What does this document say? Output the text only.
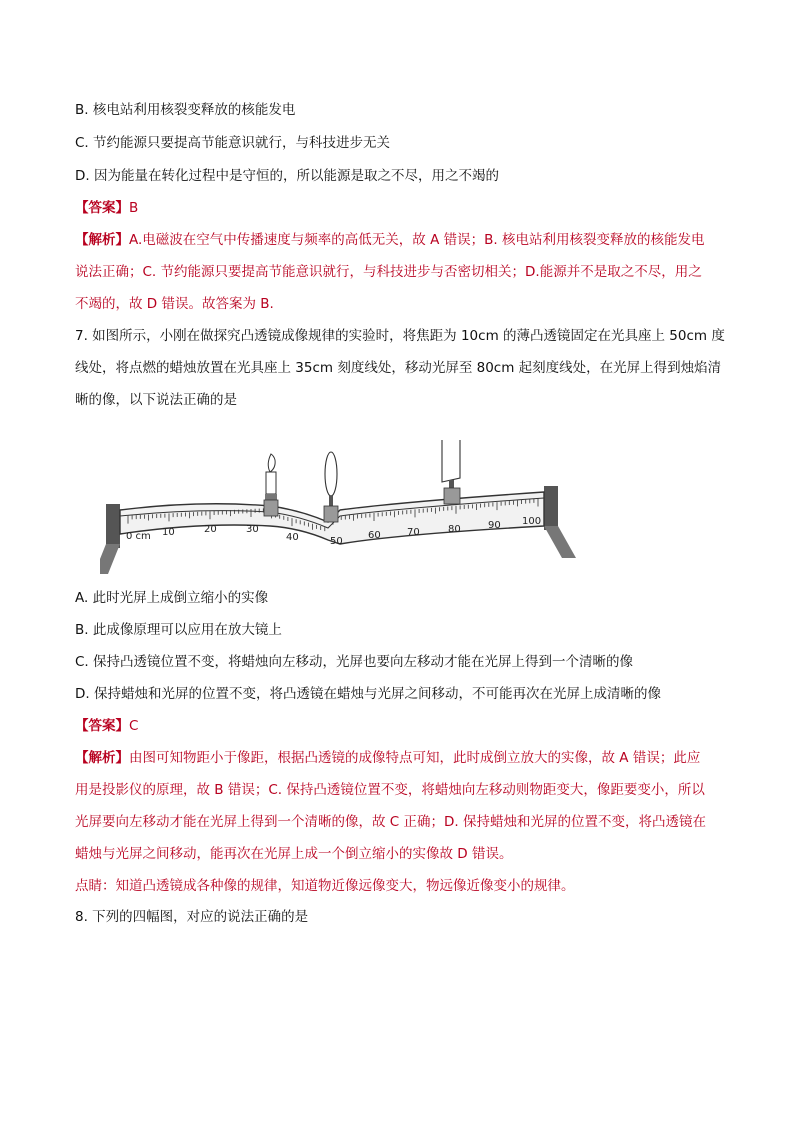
B. 核电站利用核裂变释放的核能发电
C. 节约能源只要提高节能意识就行，与科技进步无关
D. 因为能量在转化过程中是守恒的，所以能源是取之不尽，用之不竭的
【答案】B
【解析】A.电磁波在空气中传播速度与频率的高低无关，故 A 错误；B. 核电站利用核裂变释放的核能发电
说法正确；C. 节约能源只要提高节能意识就行，与科技进步与否密切相关；D.能源并不是取之不尽，用之
不竭的，故 D 错误。故答案为 B.
7. 如图所示，小刚在做探究凸透镜成像规律的实验时，将焦距为 10cm 的薄凸透镜固定在光具座上 50cm 度
线处，将点燃的蜡烛放置在光具座上 35cm 刻度线处，移动光屏至 80cm 起刻度线处，在光屏上得到烛焰清
晰的像，以下说法正确的是
0 cm 10	20	30
40	50
60	70	80	90 100
A. 此时光屏上成倒立缩小的实像
B. 此成像原理可以应用在放大镜上
C. 保持凸透镜位置不变，将蜡烛向左移动，光屏也要向左移动才能在光屏上得到一个清晰的像
D. 保持蜡烛和光屏的位置不变，将凸透镜在蜡烛与光屏之间移动，不可能再次在光屏上成清晰的像
【答案】C
【解析】由图可知物距小于像距，根据凸透镜的成像特点可知，此时成倒立放大的实像，故 A 错误；此应
用是投影仪的原理，故 B 错误；C. 保持凸透镜位置不变，将蜡烛向左移动则物距变大，像距要变小，所以
光屏要向左移动才能在光屏上得到一个清晰的像，故 C 正确；D. 保持蜡烛和光屏的位置不变，将凸透镜在
蜡烛与光屏之间移动，能再次在光屏上成一个倒立缩小的实像故 D 错误。
点睛：知道凸透镜成各种像的规律，知道物近像远像变大，物远像近像变小的规律。
8. 下列的四幅图，对应的说法正确的是
